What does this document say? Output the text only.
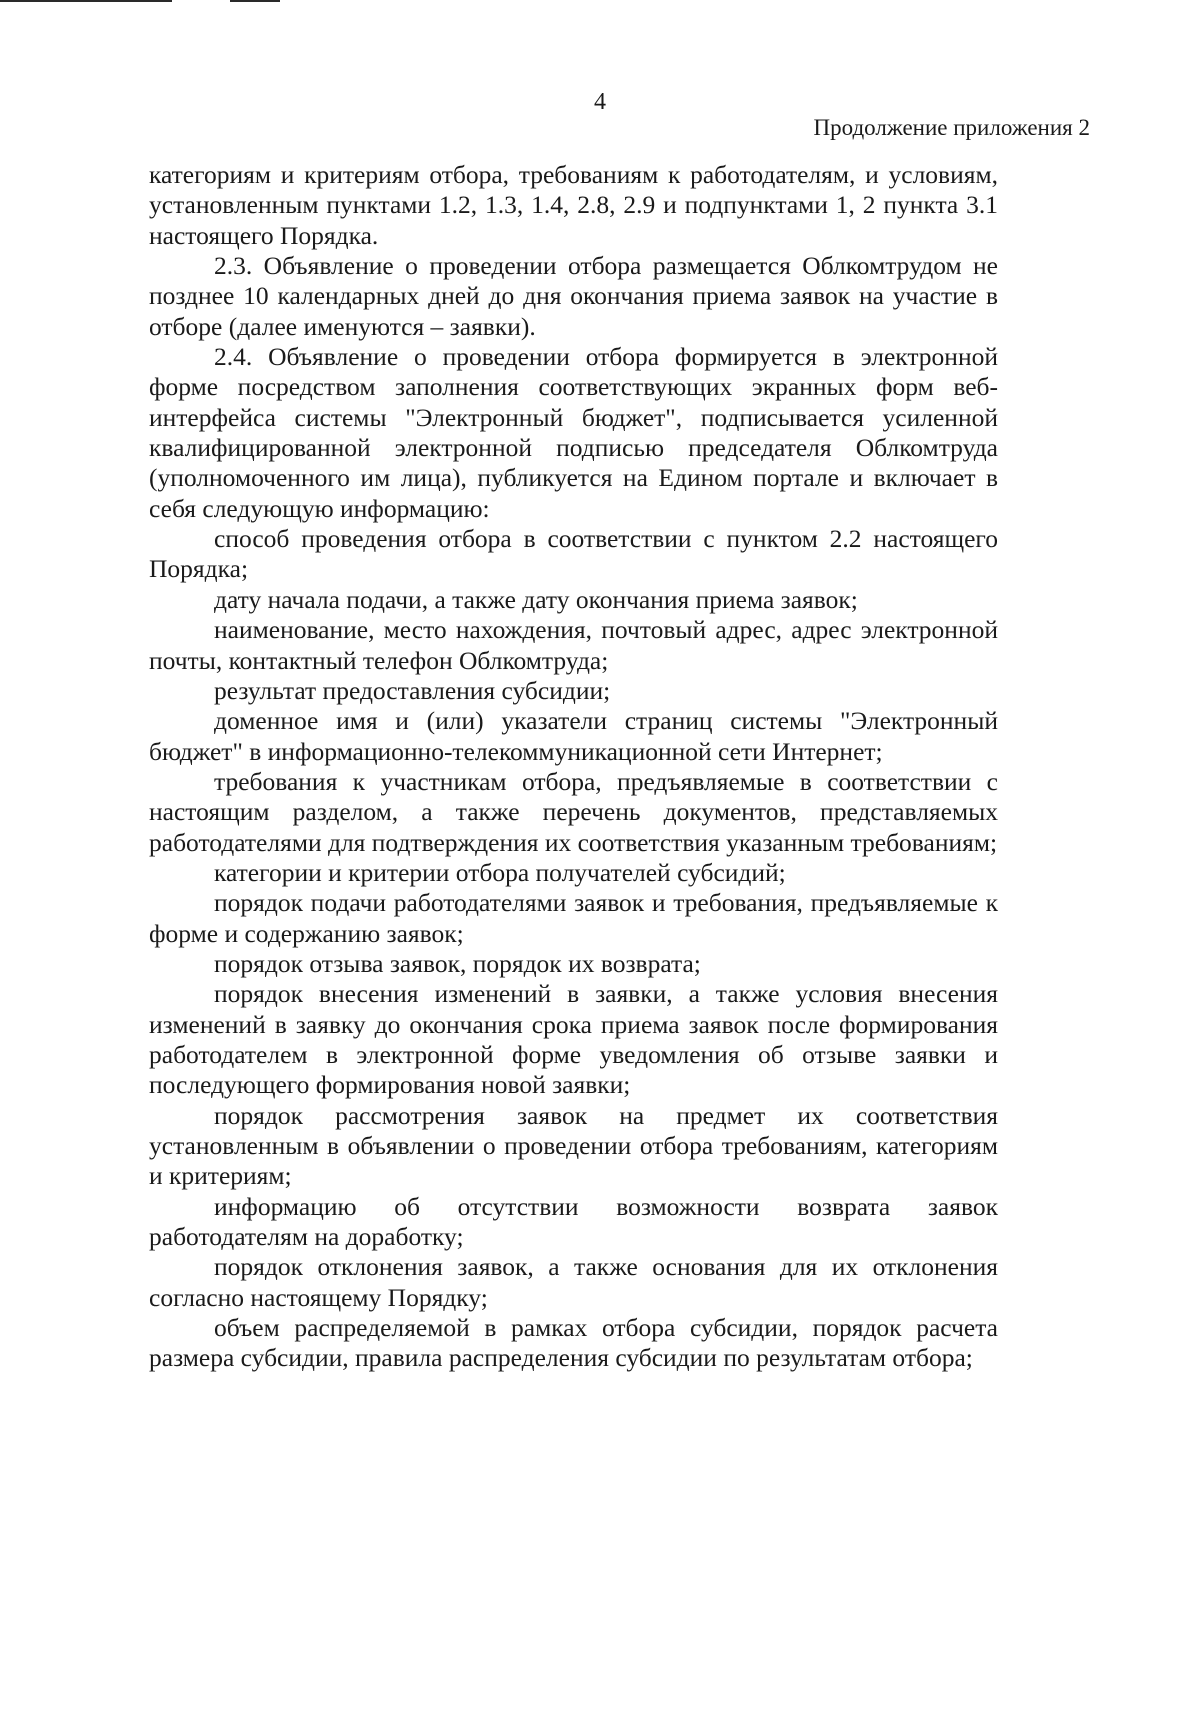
4
Продолжение приложения 2

категориям и критериям отбора, требованиям к работодателям, и условиям, установленным пунктами 1.2, 1.3, 1.4, 2.8, 2.9 и подпунктами 1, 2 пункта 3.1 настоящего Порядка.

2.3. Объявление о проведении отбора размещается Облкомтрудом не позднее 10 календарных дней до дня окончания приема заявок на участие в отборе (далее именуются – заявки).

2.4. Объявление о проведении отбора формируется в электронной форме посредством заполнения соответствующих экранных форм веб-интерфейса системы "Электронный бюджет", подписывается усиленной квалифицированной электронной подписью председателя Облкомтруда (уполномоченного им лица), публикуется на Едином портале и включает в себя следующую информацию:

способ проведения отбора в соответствии с пунктом 2.2 настоящего Порядка;

дату начала подачи, а также дату окончания приема заявок;

наименование, место нахождения, почтовый адрес, адрес электронной почты, контактный телефон Облкомтруда;

результат предоставления субсидии;

доменное имя и (или) указатели страниц системы "Электронный бюджет" в информационно-телекоммуникационной сети Интернет;

требования к участникам отбора, предъявляемые в соответствии с настоящим разделом, а также перечень документов, представляемых работодателями для подтверждения их соответствия указанным требованиям;

категории и критерии отбора получателей субсидий;

порядок подачи работодателями заявок и требования, предъявляемые к форме и содержанию заявок;

порядок отзыва заявок, порядок их возврата;

порядок внесения изменений в заявки, а также условия внесения изменений в заявку до окончания срока приема заявок после формирования работодателем в электронной форме уведомления об отзыве заявки и последующего формирования новой заявки;

порядок рассмотрения заявок на предмет их соответствия установленным в объявлении о проведении отбора требованиям, категориям и критериям;

информацию об отсутствии возможности возврата заявок работодателям на доработку;

порядок отклонения заявок, а также основания для их отклонения согласно настоящему Порядку;

объем распределяемой в рамках отбора субсидии, порядок расчета размера субсидии, правила распределения субсидии по результатам отбора;
